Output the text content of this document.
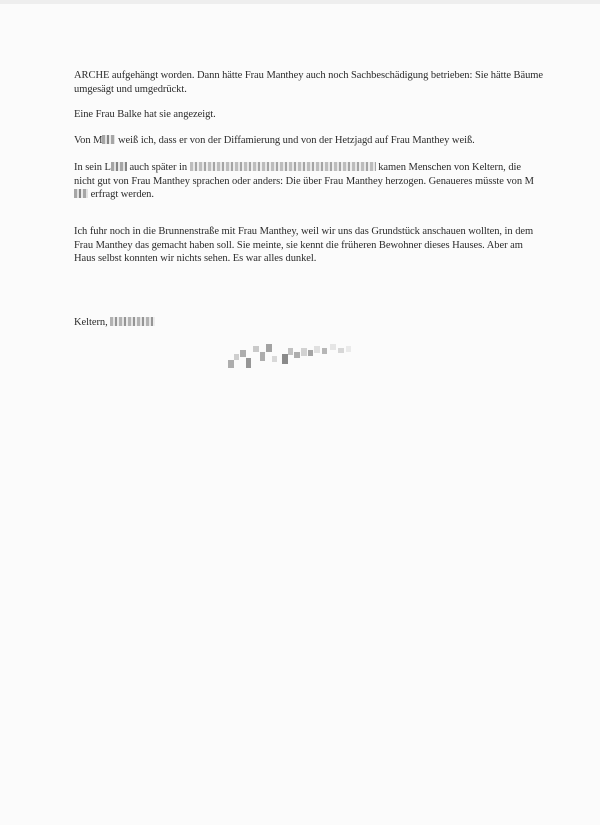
ARCHE aufgehängt worden. Dann hätte Frau Manthey auch noch Sachbeschädigung betrieben: Sie hätte Bäume umgesägt und umgedrückt.

Eine Frau Balke hat sie angezeigt.

Von M weiß ich, dass er von der Diffamierung und von der Hetzjagd auf Frau Manthey weiß.

In sein L auch später in	kamen Menschen von Keltern, die nicht gut von Frau Manthey sprachen oder anders: Die über Frau Manthey herzogen. Genaueres müsste von M erfragt werden.

Ich fuhr noch in die Brunnenstraße mit Frau Manthey, weil wir uns das Grundstück anschauen wollten, in dem Frau Manthey das gemacht haben soll. Sie meinte, sie kennt die früheren Bewohner dieses Hauses. Aber am Haus selbst konnten wir nichts sehen. Es war alles dunkel.

Keltern,
